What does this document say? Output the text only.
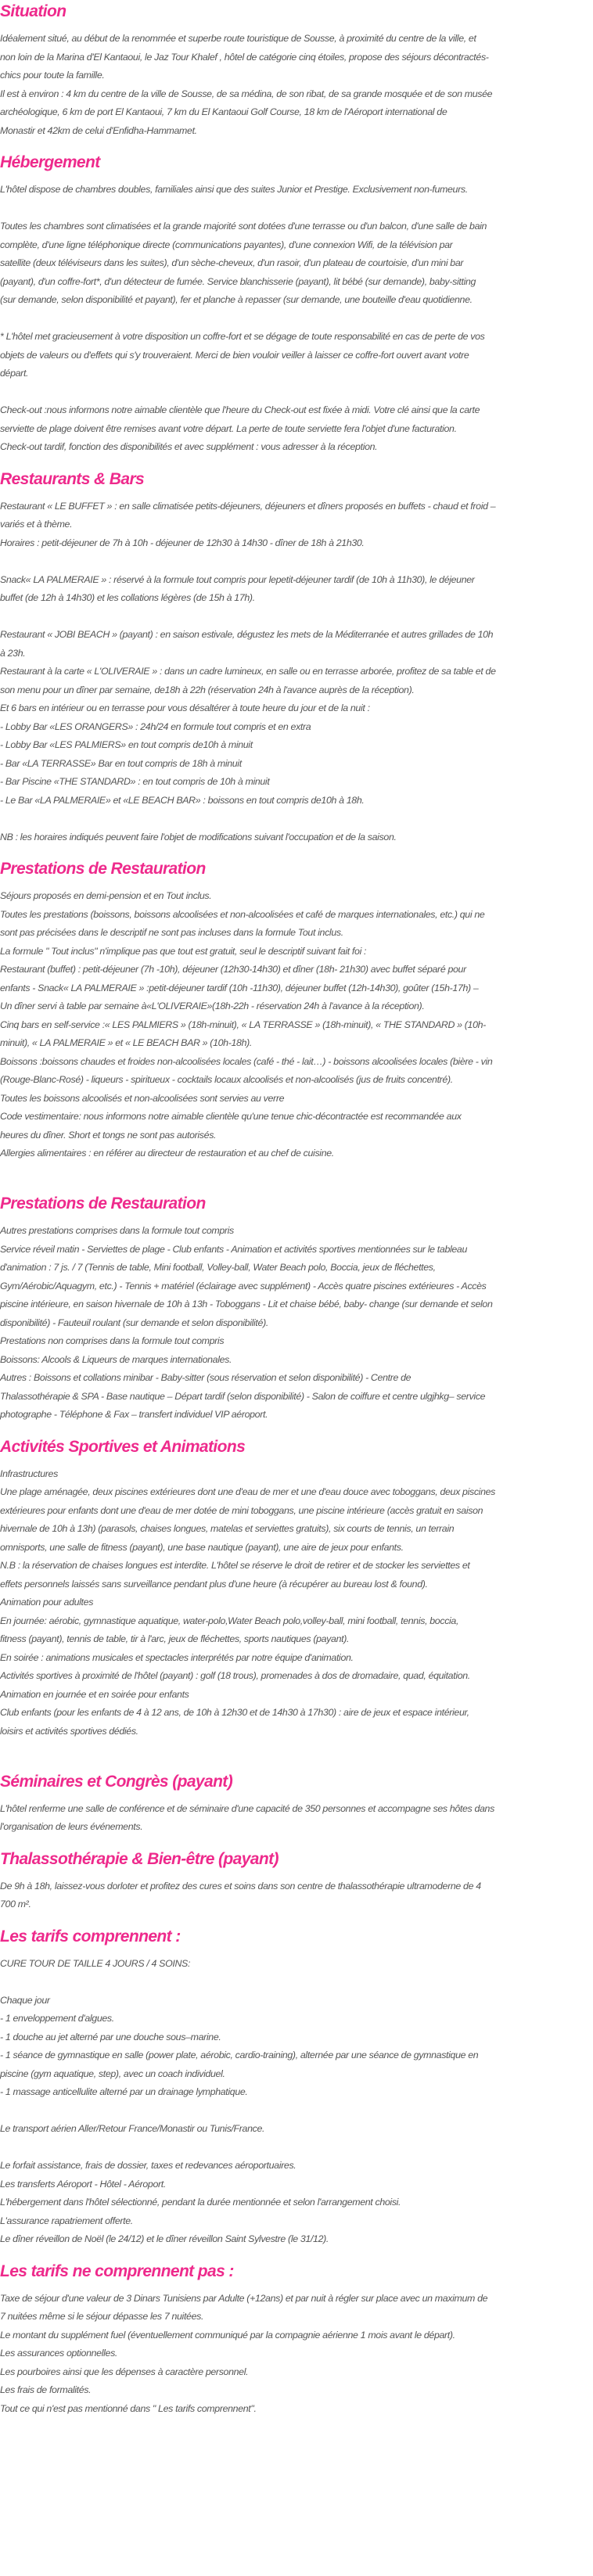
Situation
Idéalement situé, au début de la renommée et superbe route touristique de Sousse, à proximité du centre de la ville, et
non loin de la Marina d'El Kantaoui, le Jaz Tour Khalef , hôtel de catégorie cinq étoiles, propose des séjours décontractés-
chics pour toute la famille.
Il est à environ : 4 km du centre de la ville de Sousse, de sa médina, de son ribat, de sa grande mosquée et de son musée
archéologique, 6 km de port El Kantaoui, 7 km du El Kantaoui Golf Course, 18 km de l'Aéroport international de
Monastir et 42km de celui d'Enfidha-Hammamet.
Hébergement
L'hôtel dispose de chambres doubles, familiales ainsi que des suites Junior et Prestige. Exclusivement non-fumeurs.
Toutes les chambres sont climatisées et la grande majorité sont dotées d'une terrasse ou d'un balcon, d'une salle de bain
complète, d'une ligne téléphonique directe (communications payantes), d'une connexion Wifi, de la télévision par
satellite (deux téléviseurs dans les suites), d'un sèche-cheveux, d'un rasoir, d'un plateau de courtoisie, d'un mini bar
(payant), d'un coffre-fort*, d'un détecteur de fumée. Service blanchisserie (payant), lit bébé (sur demande), baby-sitting
(sur demande, selon disponibilité et payant), fer et planche à repasser (sur demande, une bouteille d'eau quotidienne.
* L'hôtel met gracieusement à votre disposition un coffre-fort et se dégage de toute responsabilité en cas de perte de vos
objets de valeurs ou d'effets qui s'y trouveraient. Merci de bien vouloir veiller à laisser ce coffre-fort ouvert avant votre
départ.
Check-out :nous informons notre aimable clientèle que l'heure du Check-out est fixée à midi. Votre clé ainsi que la carte
serviette de plage doivent être remises avant votre départ. La perte de toute serviette fera l'objet d'une facturation.
Check-out tardif, fonction des disponibilités et avec supplément : vous adresser à la réception.
Restaurants & Bars
Restaurant « LE BUFFET » : en salle climatisée petits-déjeuners, déjeuners et dîners proposés en buffets - chaud et froid –
variés et à thème.
Horaires : petit-déjeuner de 7h à 10h - déjeuner de 12h30 à 14h30 - dîner de 18h à 21h30.
Snack« LA PALMERAIE » : réservé à la formule tout compris pour lepetit-déjeuner tardif (de 10h à 11h30), le déjeuner
buffet (de 12h à 14h30) et les collations légères (de 15h à 17h).
Restaurant « JOBI BEACH » (payant) : en saison estivale, dégustez les mets de la Méditerranée et autres grillades de 10h
à 23h.
Restaurant à la carte « L'OLIVERAIE » : dans un cadre lumineux, en salle ou en terrasse arborée, profitez de sa table et de
son menu pour un dîner par semaine, de18h à 22h (réservation 24h à l'avance auprès de la réception).
Et 6 bars en intérieur ou en terrasse pour vous désaltérer à toute heure du jour et de la nuit :
- Lobby Bar «LES ORANGERS» : 24h/24 en formule tout compris et en extra
- Lobby Bar «LES PALMIERS» en tout compris de10h à minuit
- Bar «LA TERRASSE» Bar en tout compris de 18h à minuit
- Bar Piscine «THE STANDARD» : en tout compris de 10h à minuit
- Le Bar «LA PALMERAIE» et «LE BEACH BAR» : boissons en tout compris de10h à 18h.
NB : les horaires indiqués peuvent faire l'objet de modifications suivant l'occupation et de la saison.
Prestations de Restauration
Séjours proposés en demi-pension et en Tout inclus.
Toutes les prestations (boissons, boissons alcoolisées et non-alcoolisées et café de marques internationales, etc.) qui ne
sont pas précisées dans le descriptif ne sont pas incluses dans la formule Tout inclus.
La formule " Tout inclus" n'implique pas que tout est gratuit, seul le descriptif suivant fait foi :
Restaurant (buffet) : petit-déjeuner (7h -10h), déjeuner (12h30-14h30) et dîner (18h- 21h30) avec buffet séparé pour
enfants - Snack« LA PALMERAIE » :petit-déjeuner tardif (10h -11h30), déjeuner buffet (12h-14h30), goûter (15h-17h) –
Un dîner servi à table par semaine à«L'OLIVERAIE»(18h-22h - réservation 24h à l'avance à la réception).
Cinq bars en self-service :« LES PALMIERS » (18h-minuit), « LA TERRASSE » (18h-minuit), « THE STANDARD » (10h-
minuit), « LA PALMERAIE » et « LE BEACH BAR » (10h-18h).
Boissons :boissons chaudes et froides non-alcoolisées locales (café - thé - lait…) - boissons alcoolisées locales (bière - vin
(Rouge-Blanc-Rosé) - liqueurs - spiritueux - cocktails locaux alcoolisés et non-alcoolisés (jus de fruits concentré).
Toutes les boissons alcoolisés et non-alcoolisées sont servies au verre
Code vestimentaire: nous informons notre aimable clientèle qu'une tenue chic-décontractée est recommandée aux
heures du dîner. Short et tongs ne sont pas autorisés.
Allergies alimentaires : en référer au directeur de restauration et au chef de cuisine.
Prestations de Restauration
Autres prestations comprises dans la formule tout compris
Service réveil matin - Serviettes de plage - Club enfants - Animation et activités sportives mentionnées sur le tableau
d'animation : 7 js. / 7 (Tennis de table, Mini football, Volley-ball, Water Beach polo, Boccia, jeux de fléchettes,
Gym/Aérobic/Aquagym, etc.) - Tennis + matériel (éclairage avec supplément) - Accès quatre piscines extérieures - Accès
piscine intérieure, en saison hivernale de 10h à 13h - Toboggans - Lit et chaise bébé, baby- change (sur demande et selon
disponibilité) - Fauteuil roulant (sur demande et selon disponibilité).
Prestations non comprises dans la formule tout compris
Boissons: Alcools & Liqueurs de marques internationales.
Autres : Boissons et collations minibar - Baby-sitter (sous réservation et selon disponibilité) - Centre de
Thalassothérapie & SPA - Base nautique – Départ tardif (selon disponibilité) - Salon de coiffure et centre ulgjhkg– service
photographe - Téléphone & Fax – transfert individuel VIP aéroport.
Activités Sportives et Animations
Infrastructures
Une plage aménagée, deux piscines extérieures dont une d'eau de mer et une d'eau douce avec toboggans, deux piscines
extérieures pour enfants dont une d'eau de mer dotée de mini toboggans, une piscine intérieure (accès gratuit en saison
hivernale de 10h à 13h) (parasols, chaises longues, matelas et serviettes gratuits), six courts de tennis, un terrain
omnisports, une salle de fitness (payant), une base nautique (payant), une aire de jeux pour enfants.
N.B : la réservation de chaises longues est interdite. L'hôtel se réserve le droit de retirer et de stocker les serviettes et
effets personnels laissés sans surveillance pendant plus d'une heure (à récupérer au bureau lost & found).
Animation pour adultes
En journée: aérobic, gymnastique aquatique, water-polo,Water Beach polo,volley-ball, mini football, tennis, boccia,
fitness (payant), tennis de table, tir à l'arc, jeux de fléchettes, sports nautiques (payant).
En soirée : animations musicales et spectacles interprétés par notre équipe d'animation.
Activités sportives à proximité de l'hôtel (payant) : golf (18 trous), promenades à dos de dromadaire, quad, équitation.
Animation en journée et en soirée pour enfants
Club enfants (pour les enfants de 4 à 12 ans, de 10h à 12h30 et de 14h30 à 17h30) : aire de jeux et espace intérieur,
loisirs et activités sportives dédiés.
Séminaires et Congrès (payant)
L'hôtel renferme une salle de conférence et de séminaire d'une capacité de 350 personnes et accompagne ses hôtes dans
l'organisation de leurs événements.
Thalassothérapie & Bien-être (payant)
De 9h à 18h, laissez-vous dorloter et profitez des cures et soins dans son centre de thalassothérapie ultramoderne de 4
700 m².
Les tarifs comprennent :
CURE TOUR DE TAILLE 4 JOURS / 4 SOINS:
Chaque jour
- 1 enveloppement d'algues.
- 1 douche au jet alterné par une douche sous–marine.
- 1 séance de gymnastique en salle (power plate, aérobic, cardio-training), alternée par une séance de gymnastique en
piscine (gym aquatique, step), avec un coach individuel.
- 1 massage anticellulite alterné par un drainage lymphatique.
Le transport aérien Aller/Retour France/Monastir ou Tunis/France.
Le forfait assistance, frais de dossier, taxes et redevances aéroportuaires.
Les transferts Aéroport - Hôtel - Aéroport.
L'hébergement dans l'hôtel sélectionné, pendant la durée mentionnée et selon l'arrangement choisi.
L'assurance rapatriement offerte.
Le dîner réveillon de Noël (le 24/12) et le dîner réveillon Saint Sylvestre (le 31/12).
Les tarifs ne comprennent pas :
Taxe de séjour d'une valeur de 3 Dinars Tunisiens par Adulte (+12ans) et par nuit à régler sur place avec un maximum de
7 nuitées même si le séjour dépasse les 7 nuitées.
Le montant du supplément fuel (éventuellement communiqué par la compagnie aérienne 1 mois avant le départ).
Les assurances optionnelles.
Les pourboires ainsi que les dépenses à caractère personnel.
Les frais de formalités.
Tout ce qui n'est pas mentionné dans " Les tarifs comprennent".
